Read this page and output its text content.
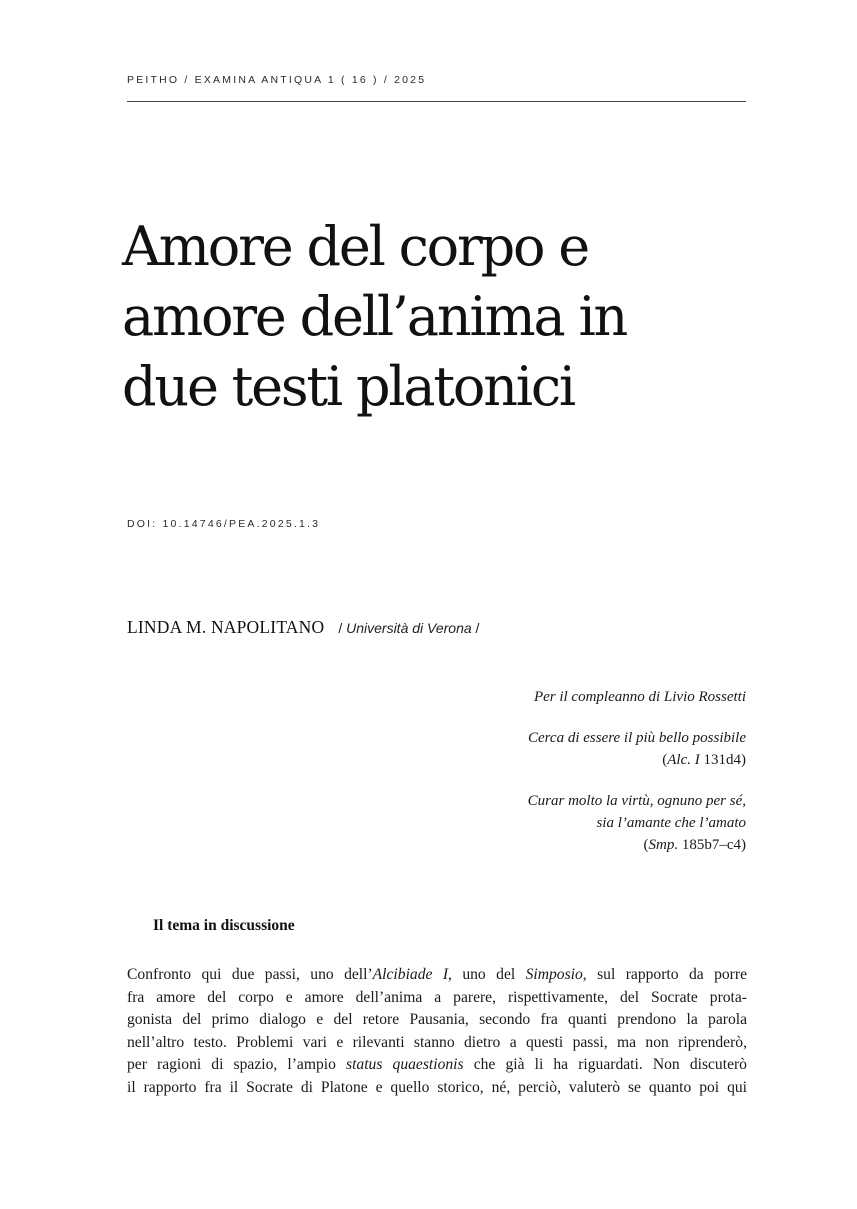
PEITHO / EXAMINA ANTIQUA 1 ( 16 ) / 2025
Amore del corpo e
amore dell’anima in
due testi platonici
DOI: 10.14746/PEA.2025.1.3
LINDA M. NAPOLITANO / Università di Verona /

Per il compleanno di Livio Rossetti

Cerca di essere il più bello possibile

(Alc. I 131d4)

Curar molto la virtù, ognuno per sé,

sia l’amante che l’amato

(Smp. 185b7–c4)

Il tema in discussione
Confronto qui due passi, uno dell’Alcibiade I, uno del Simposio, sul rapporto da porre
fra amore del corpo e amore dell’anima a parere, rispettivamente, del Socrate prota-
gonista del primo dialogo e del retore Pausania, secondo fra quanti prendono la parola
nell’altro testo. Problemi vari e rilevanti stanno dietro a questi passi, ma non riprenderò,
per ragioni di spazio, l’ampio status quaestionis che già li ha riguardati. Non discuterò
il rapporto fra il Socrate di Platone e quello storico, né, perciò, valuterò se quanto poi qui
